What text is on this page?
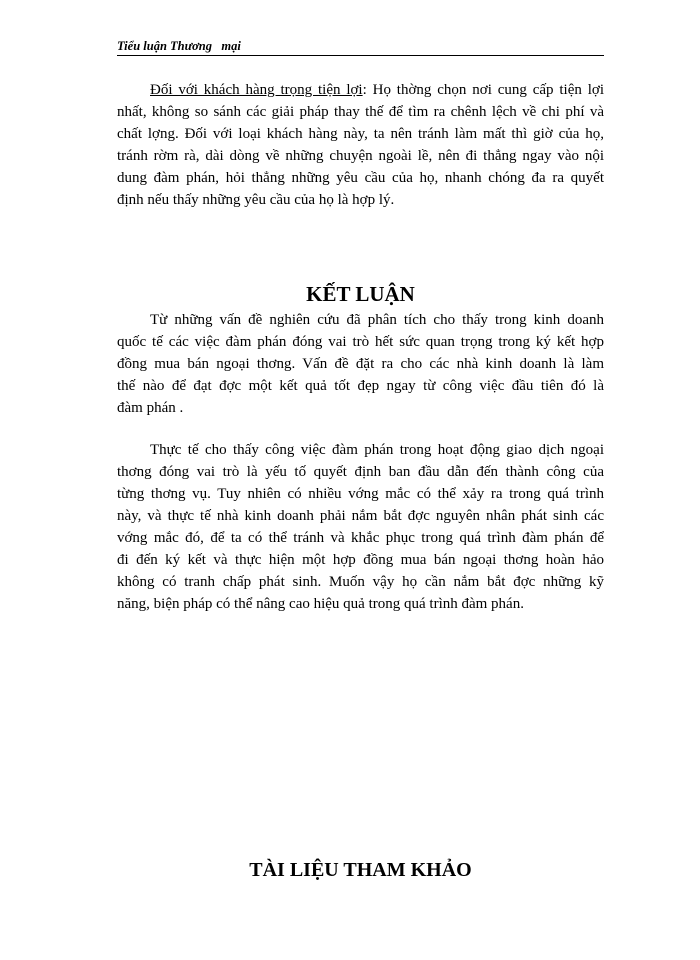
Tiểu luận Thương   mại
Đối với khách hàng trọng tiện lợi: Họ thờng chọn nơi cung cấp tiện lợi
nhất, không so sánh các giải pháp thay thế để tìm ra chênh lệch về chi phí và
chất lợng. Đối với loại khách hàng này, ta nên tránh làm mất thì giờ của họ,
tránh rờm rà, dài dòng về những chuyện ngoài lề, nên đi thẳng ngay vào nội
dung đàm phán, hỏi thẳng những yêu cầu của họ, nhanh chóng đa ra quyết
định nếu thấy những yêu cầu của họ là hợp lý.
KẾT LUẬN
Từ những vấn đề nghiên cứu đã phân tích cho thấy trong kinh doanh
quốc tế các việc đàm phán đóng vai trò hết sức quan trọng trong ký kết hợp
đồng mua bán ngoại thơng. Vấn đề đặt ra cho các nhà kinh doanh là làm
thế nào để đạt đợc một kết quả tốt đẹp ngay từ công việc đầu tiên đó là
đàm phán .
Thực tế cho thấy công việc đàm phán trong hoạt động giao dịch ngoại
thơng đóng vai trò là yếu tố quyết định ban đầu dẫn đến thành công của
từng thơng vụ. Tuy nhiên có nhiều vớng mắc có thể xảy ra trong quá trình
này, và thực tế nhà kinh doanh phải nắm bắt đợc nguyên nhân phát sinh các
vớng mắc đó, để ta có thể tránh và khắc phục trong quá trình đàm phán để
đi đến ký kết và thực hiện một hợp đồng mua bán ngoại thơng hoàn hảo
không có tranh chấp phát sinh. Muốn vậy họ cần nắm bắt đợc những kỹ
năng, biện pháp có thể nâng cao hiệu quả trong quá trình đàm phán.
TÀI LIỆU THAM KHẢO
